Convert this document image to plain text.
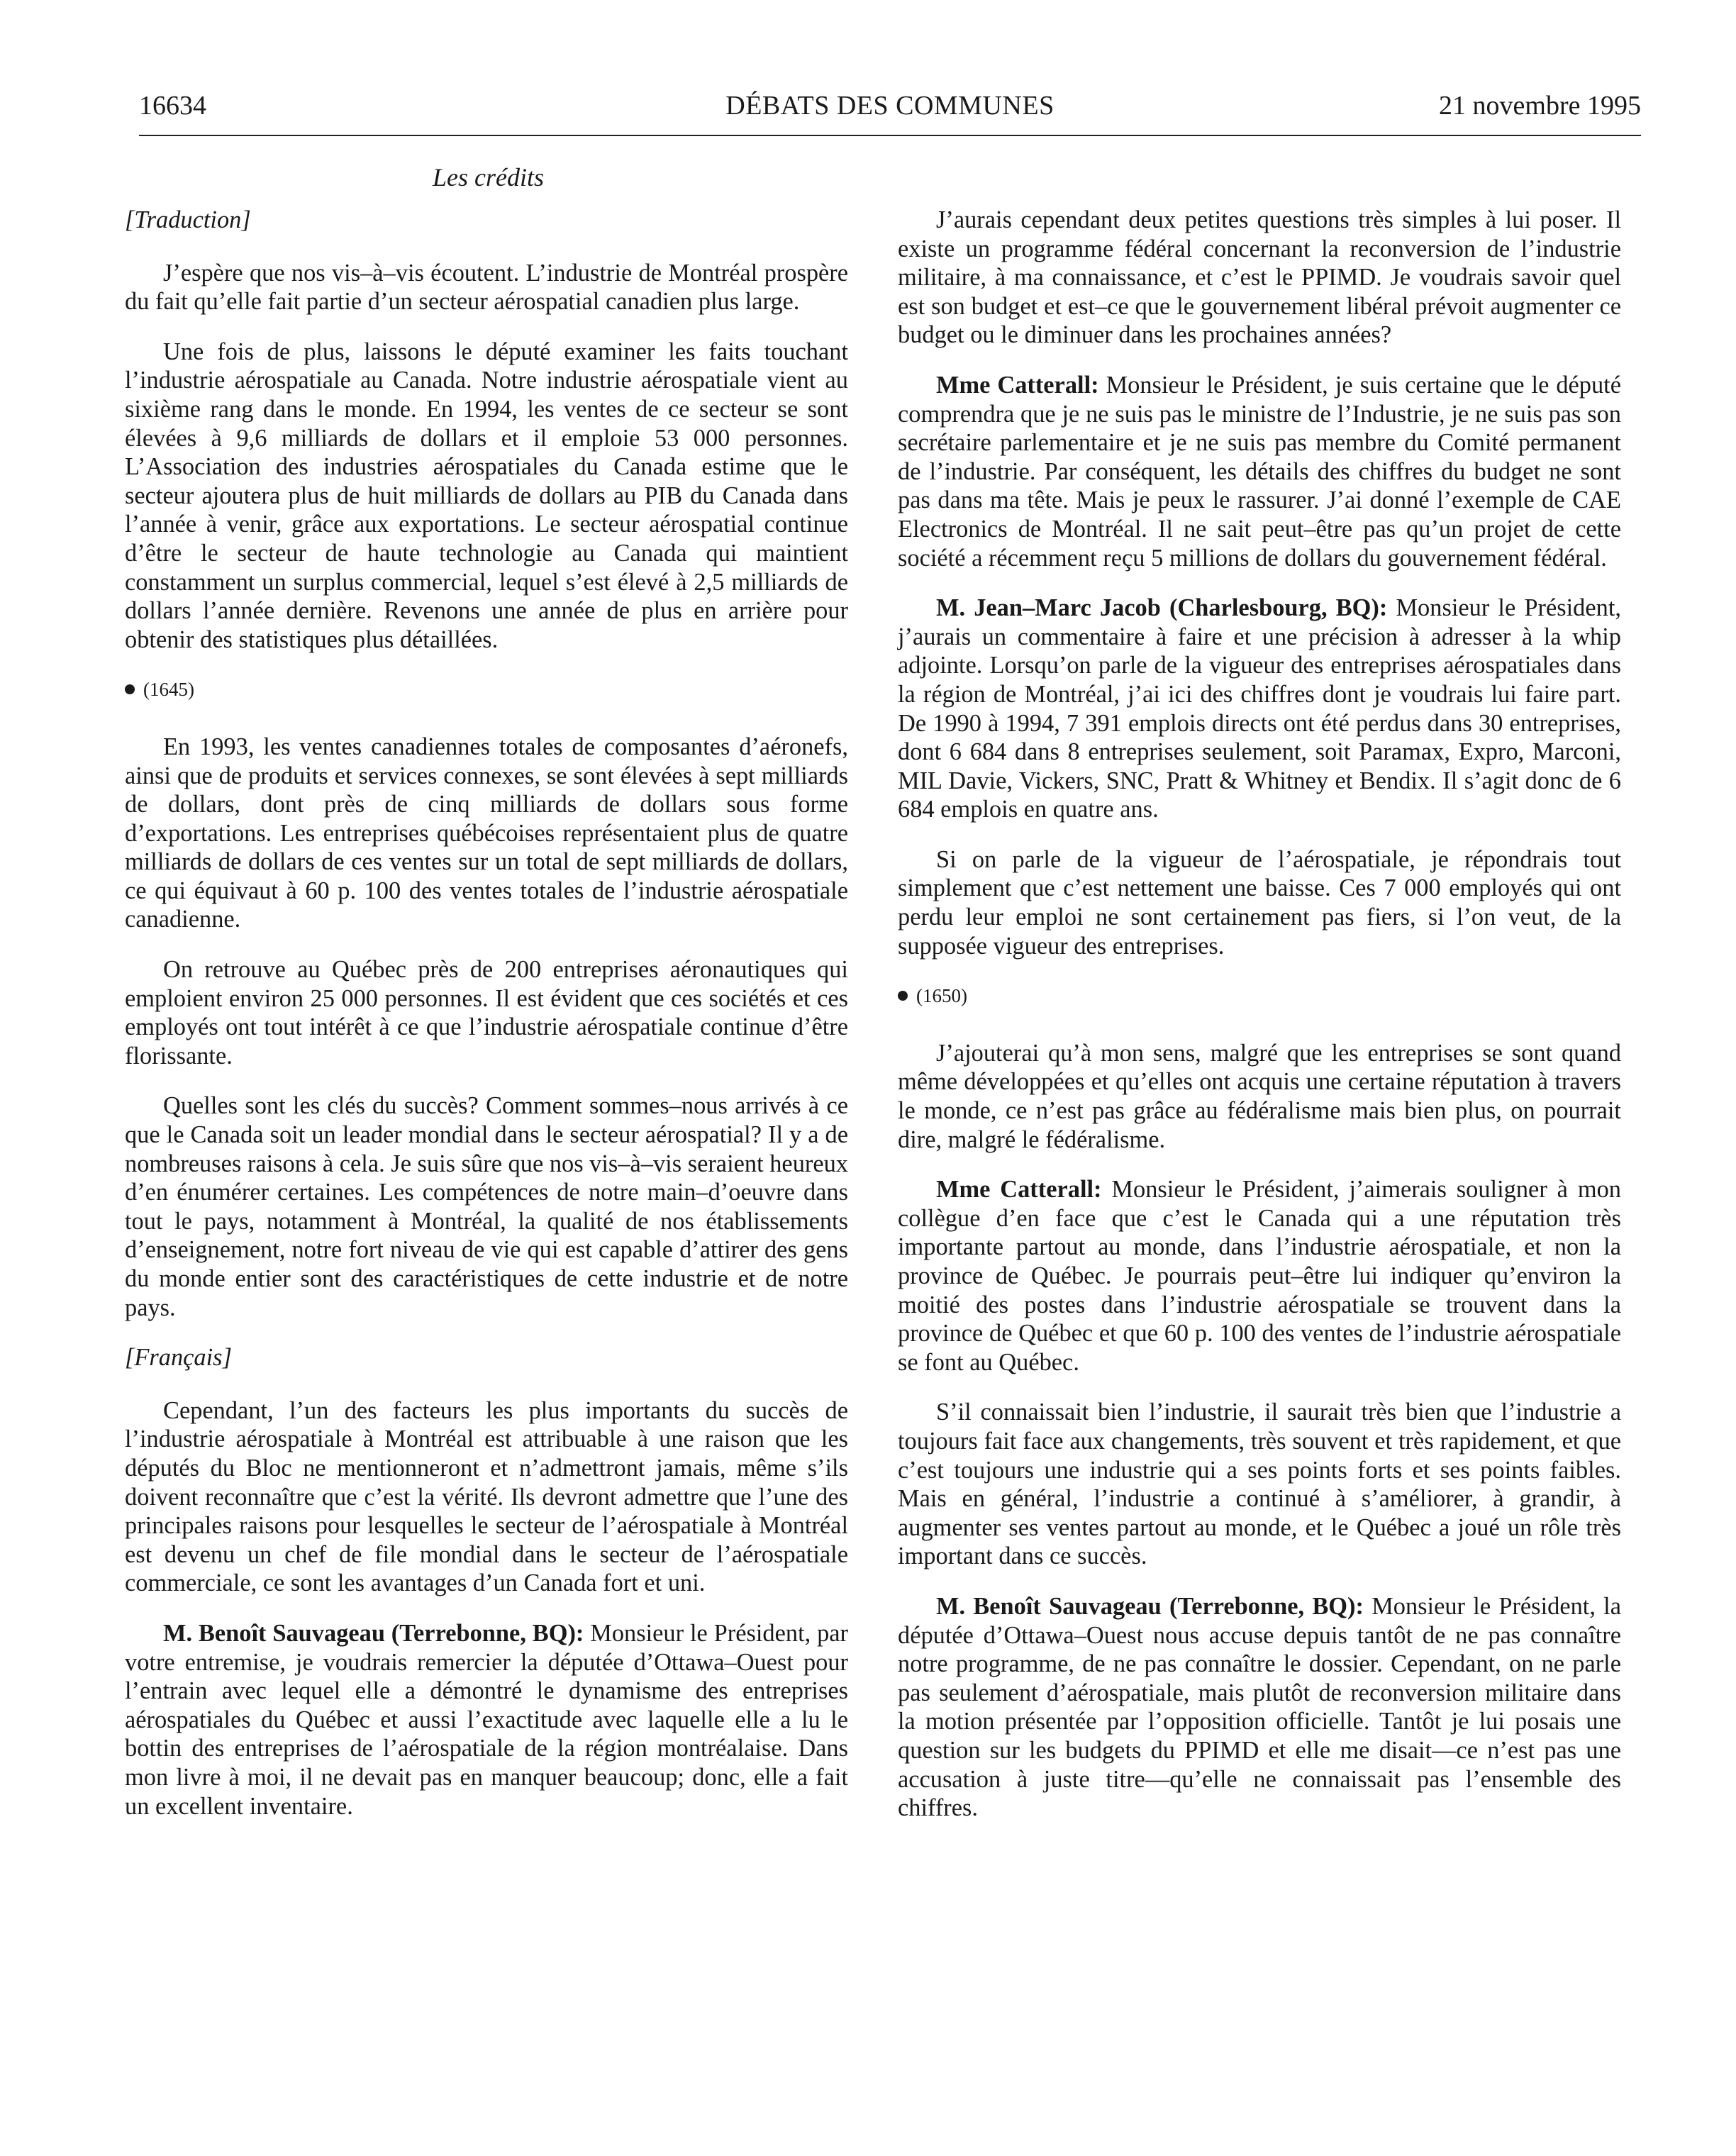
16634	DÉBATS DES COMMUNES	21 novembre 1995
Les crédits

[Traduction]

J’espère que nos vis–à–vis écoutent. L’industrie de Montréal prospère du fait qu’elle fait partie d’un secteur aérospatial canadien plus large.

Une fois de plus, laissons le député examiner les faits touchant l’industrie aérospatiale au Canada. Notre industrie aérospatiale vient au sixième rang dans le monde. En 1994, les ventes de ce secteur se sont élevées à 9,6 milliards de dollars et il emploie 53 000 personnes. L’Association des industries aérospatiales du Canada estime que le secteur ajoutera plus de huit milliards de dollars au PIB du Canada dans l’année à venir, grâce aux exportations. Le secteur aérospatial continue d’être le secteur de haute technologie au Canada qui maintient constamment un surplus commercial, lequel s’est élevé à 2,5 milliards de dollars l’année dernière. Revenons une année de plus en arrière pour obtenir des statistiques plus détaillées.

(1645)

En 1993, les ventes canadiennes totales de composantes d’aéronefs, ainsi que de produits et services connexes, se sont élevées à sept milliards de dollars, dont près de cinq milliards de dollars sous forme d’exportations. Les entreprises québécoises représentaient plus de quatre milliards de dollars de ces ventes sur un total de sept milliards de dollars, ce qui équivaut à 60 p. 100 des ventes totales de l’industrie aérospatiale canadienne.

On retrouve au Québec près de 200 entreprises aéronautiques qui emploient environ 25 000 personnes. Il est évident que ces sociétés et ces employés ont tout intérêt à ce que l’industrie aérospatiale continue d’être florissante.

Quelles sont les clés du succès? Comment sommes–nous arrivés à ce que le Canada soit un leader mondial dans le secteur aérospatial? Il y a de nombreuses raisons à cela. Je suis sûre que nos vis–à–vis seraient heureux d’en énumérer certaines. Les compétences de notre main–d’oeuvre dans tout le pays, notamment à Montréal, la qualité de nos établissements d’enseignement, notre fort niveau de vie qui est capable d’attirer des gens du monde entier sont des caractéristiques de cette industrie et de notre pays.

[Français]

Cependant, l’un des facteurs les plus importants du succès de l’industrie aérospatiale à Montréal est attribuable à une raison que les députés du Bloc ne mentionneront et n’admettront jamais, même s’ils doivent reconnaître que c’est la vérité. Ils devront admettre que l’une des principales raisons pour lesquelles le secteur de l’aérospatiale à Montréal est devenu un chef de file mondial dans le secteur de l’aérospatiale commerciale, ce sont les avantages d’un Canada fort et uni.

M. Benoît Sauvageau (Terrebonne, BQ): Monsieur le Président, par votre entremise, je voudrais remercier la députée d’Ottawa–Ouest pour l’entrain avec lequel elle a démontré le dynamisme des entreprises aérospatiales du Québec et aussi l’exactitude avec laquelle elle a lu le bottin des entreprises de l’aérospatiale de la région montréalaise. Dans mon livre à moi, il ne devait pas en manquer beaucoup; donc, elle a fait un excellent inventaire.

J’aurais cependant deux petites questions très simples à lui poser. Il existe un programme fédéral concernant la reconversion de l’industrie militaire, à ma connaissance, et c’est le PPIMD. Je voudrais savoir quel est son budget et est–ce que le gouvernement libéral prévoit augmenter ce budget ou le diminuer dans les prochaines années?

Mme Catterall: Monsieur le Président, je suis certaine que le député comprendra que je ne suis pas le ministre de l’Industrie, je ne suis pas son secrétaire parlementaire et je ne suis pas membre du Comité permanent de l’industrie. Par conséquent, les détails des chiffres du budget ne sont pas dans ma tête. Mais je peux le rassurer. J’ai donné l’exemple de CAE Electronics de Montréal. Il ne sait peut–être pas qu’un projet de cette société a récemment reçu 5 millions de dollars du gouvernement fédéral.

M. Jean–Marc Jacob (Charlesbourg, BQ): Monsieur le Président, j’aurais un commentaire à faire et une précision à adresser à la whip adjointe. Lorsqu’on parle de la vigueur des entreprises aérospatiales dans la région de Montréal, j’ai ici des chiffres dont je voudrais lui faire part. De 1990 à 1994, 7 391 emplois directs ont été perdus dans 30 entreprises, dont 6 684 dans 8 entreprises seulement, soit Paramax, Expro, Marconi, MIL Davie, Vickers, SNC, Pratt & Whitney et Bendix. Il s’agit donc de 6 684 emplois en quatre ans.

Si on parle de la vigueur de l’aérospatiale, je répondrais tout simplement que c’est nettement une baisse. Ces 7 000 employés qui ont perdu leur emploi ne sont certainement pas fiers, si l’on veut, de la supposée vigueur des entreprises.

(1650)

J’ajouterai qu’à mon sens, malgré que les entreprises se sont quand même développées et qu’elles ont acquis une certaine réputation à travers le monde, ce n’est pas grâce au fédéralisme mais bien plus, on pourrait dire, malgré le fédéralisme.

Mme Catterall: Monsieur le Président, j’aimerais souligner à mon collègue d’en face que c’est le Canada qui a une réputation très importante partout au monde, dans l’industrie aérospatiale, et non la province de Québec. Je pourrais peut–être lui indiquer qu’environ la moitié des postes dans l’industrie aérospatiale se trouvent dans la province de Québec et que 60 p. 100 des ventes de l’industrie aérospatiale se font au Québec.

S’il connaissait bien l’industrie, il saurait très bien que l’industrie a toujours fait face aux changements, très souvent et très rapidement, et que c’est toujours une industrie qui a ses points forts et ses points faibles. Mais en général, l’industrie a continué à s’améliorer, à grandir, à augmenter ses ventes partout au monde, et le Québec a joué un rôle très important dans ce succès.

M. Benoît Sauvageau (Terrebonne, BQ): Monsieur le Président, la députée d’Ottawa–Ouest nous accuse depuis tantôt de ne pas connaître notre programme, de ne pas connaître le dossier. Cependant, on ne parle pas seulement d’aérospatiale, mais plutôt de reconversion militaire dans la motion présentée par l’opposition officielle. Tantôt je lui posais une question sur les budgets du PPIMD et elle me disait—ce n’est pas une accusation à juste titre—qu’elle ne connaissait pas l’ensemble des chiffres.
